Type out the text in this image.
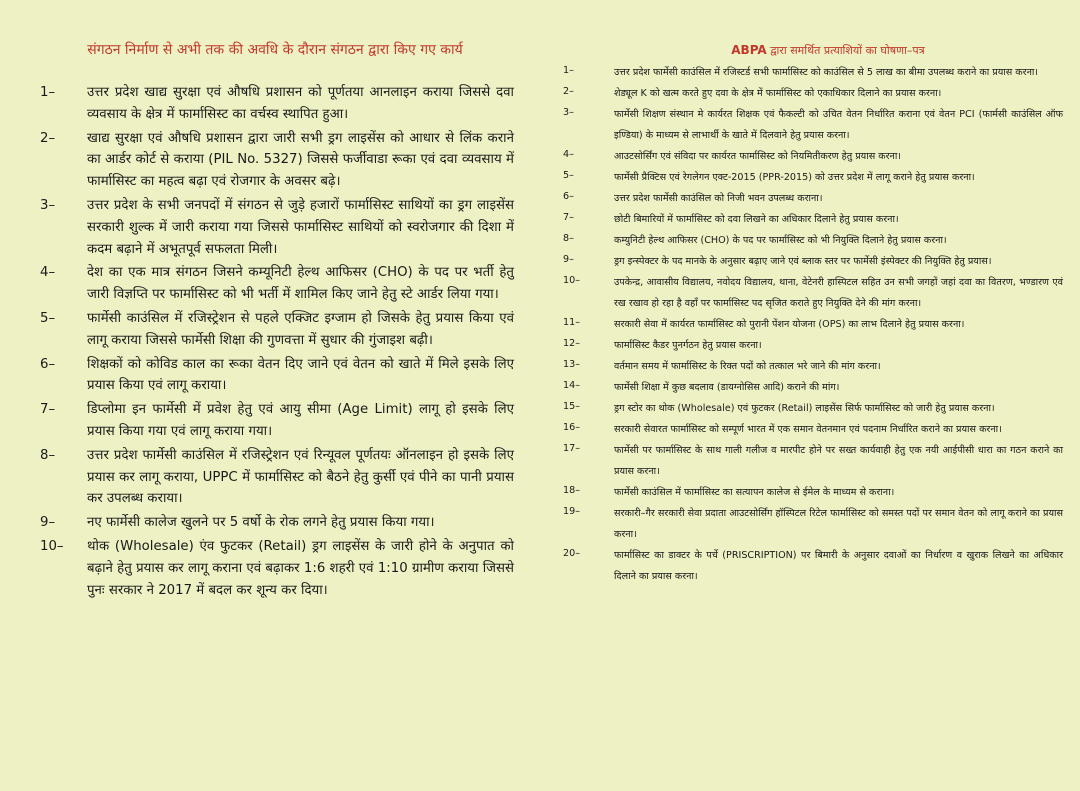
संगठन निर्माण से अभी तक की अवधि के दौरान संगठन द्वारा किए गए कार्य
1– उत्तर प्रदेश खाद्य सुरक्षा एवं औषधि प्रशासन को पूर्णतया आनलाइन कराया जिससे दवा व्यवसाय के क्षेत्र में फार्मासिस्ट का वर्चस्व स्थापित हुआ।
2– खाद्य सुरक्षा एवं औषधि प्रशासन द्वारा जारी सभी ड्रग लाइसेंस को आधार से लिंक कराने का आर्डर कोर्ट से कराया (PIL No. 5327) जिससे फर्जीवाडा रूका एवं दवा व्यवसाय में फार्मासिस्ट का महत्व बढ़ा एवं रोजगार के अवसर बढ़े।
3– उत्तर प्रदेश के सभी जनपदों में संगठन से जुड़े हजारों फार्मासिस्ट साथियों का ड्रग लाइसेंस सरकारी शुल्क में जारी कराया गया जिससे फार्मासिस्ट साथियों को स्वरोजगार की दिशा में कदम बढ़ाने में अभूतपूर्व सफलता मिली।
4– देश का एक मात्र संगठन जिसने कम्यूनिटी हेल्थ आफिसर (CHO) के पद पर भर्ती हेतु जारी विज्ञप्ति पर फार्मासिस्ट को भी भर्ती में शामिल किए जाने हेतु स्टे आर्डर लिया गया।
5– फार्मेसी काउंसिल में रजिस्ट्रेशन से पहले एक्जिट इग्जाम हो जिसके हेतु प्रयास किया एवं लागू कराया जिससे फार्मेसी शिक्षा की गुणवत्ता में सुधार की गुंजाइश बढ़ी।
6– शिक्षकों को कोविड काल का रूका वेतन दिए जाने एवं वेतन को खाते में मिले इसके लिए प्रयास किया एवं लागू कराया।
7– डिप्लोमा इन फार्मेसी में प्रवेश हेतु एवं आयु सीमा (Age Limit) लागू हो इसके लिए प्रयास किया गया एवं लागू कराया गया।
8– उत्तर प्रदेश फार्मेसी काउंसिल में रजिस्ट्रेशन एवं रिन्यूवल पूर्णतयः ऑनलाइन हो इसके लिए प्रयास कर लागू कराया, UPPC में फार्मासिस्ट को बैठने हेतु कुर्सी एवं पीने का पानी प्रयास कर उपलब्ध कराया।
9– नए फार्मेसी कालेज खुलने पर 5 वर्षो के रोक लगने हेतु प्रयास किया गया।
10– थोक (Wholesale) एंव फुटकर (Retail) ड्रग लाइसेंस के जारी होने के अनुपात को बढ़ाने हेतु प्रयास कर लागू कराना एवं बढ़ाकर 1:6 शहरी एवं 1:10 ग्रामीण कराया जिससे पुनः सरकार ने 2017 में बदल कर शून्य कर दिया।
ABPA द्वारा समर्थित प्रत्याशियों का घोषणा–पत्र
1–	उत्तर प्रदेश फार्मेसी काउंसिल में रजिस्टर्ड सभी फार्मासिस्ट को काउंसिल से 5 लाख का बीमा उपलब्ध कराने का प्रयास करना।
2–	शेड्यूल K को खत्म करते हुए दवा के क्षेत्र में फार्मासिस्ट को एकाधिकार दिलाने का प्रयास करना।
3–	फार्मेसी शिक्षण संस्थान मे कार्यरत शिक्षक एवं फैकल्टी को उचित वेतन निर्धारित कराना एवं वेतन PCI (फार्मसी काउंसिल ऑफ इण्डिया) के माध्यम से लाभार्थी के खाते में दिलवाने हेतु प्रयास करना।
4–	आउटसोर्सिंग एवं संविदा पर कार्यरत फार्मासिस्ट को नियमितीकरण हेतु प्रयास करना।
5–	फार्मेसी प्रैक्टिस एवं रेगलेगन एक्ट-2015 (PPR-2015) को उत्तर प्रदेश में लागू कराने हेतु प्रयास करना।
6–	उत्तर प्रदेश फार्मेसी काउंसिल को निजी भवन उपलब्ध कराना।
7–	छोटी बिमारियों में फार्मासिस्ट को दवा लिखने का अधिकार दिलाने हेतु प्रयास करना।
8–	कम्युनिटी हेल्थ आफिसर (CHO) के पद पर फार्मासिस्ट को भी नियुक्ति दिलाने हेतु प्रयास करना।
9–	ड्रग इन्स्पेक्टर के पद मानके के अनुसार बढ़ाए जाने एवं ब्लाक स्तर पर फार्मेसी इंस्पेक्टर की नियुक्ति हेतु प्रयास।
10–	उपकेन्द्र, आवासीय विद्यालय, नवोदय विद्यालय, थाना, वेटेनरी हास्पिटल सहित उन सभी जगहों जहां दवा का वितरण, भण्डारण एवं रख रखाव हो रहा है वहाँ पर फार्मासिस्ट पद सृजित कराते हुए नियुक्ति देने की मांग करना।
11–	सरकारी सेवा में कार्यरत फार्मासिस्ट को पुरानी पेंशन योजना (OPS) का लाभ दिलाने हेतु प्रयास करना।
12–	फार्मासिस्ट कैडर पुनर्गठन हेतु प्रयास करना।
13–	वर्तमान समय में फार्मासिस्ट के रिक्त पदों को तत्काल भरे जाने की मांग करना।
14–	फार्मेसी शिक्षा में कुछ बदलाव (डायग्नोसिस आदि) कराने की मांग।
15–	ड्रग स्टोर का थोक (Wholesale) एवं फुटकर (Retail) लाइसेंस सिर्फ फार्मासिस्ट को जारी हेतु प्रयास करना।
16–	सरकारी सेवारत फार्मासिस्ट को सम्पूर्ण भारत में एक समान वेतनमान एवं पदनाम निर्धारित कराने का प्रयास करना।
17–	फार्मेसी पर फार्मासिस्ट के साथ गाली गलीज व मारपीट होने पर सख्त कार्यवाही हेतु एक नयी आईपीसी धारा का गठन कराने का प्रयास करना।
18–	फार्मेसी काउंसिल में फार्मासिस्ट का सत्यापन कालेज से ईमेल के माध्यम से कराना।
19–	सरकारी–गैर सरकारी सेवा प्रदाता आउटसोर्सिंग हॉस्पिटल रिटेल फार्मासिस्ट को समस्त पदों पर समान वेतन को लागू कराने का प्रयास करना।
20–	फार्मासिस्ट का डाक्टर के पर्चे (PRISCRIPTION) पर बिमारी के अनुसार दवाओं का निर्धारण व खुराक लिखने का अधिकार दिलाने का प्रयास करना।
